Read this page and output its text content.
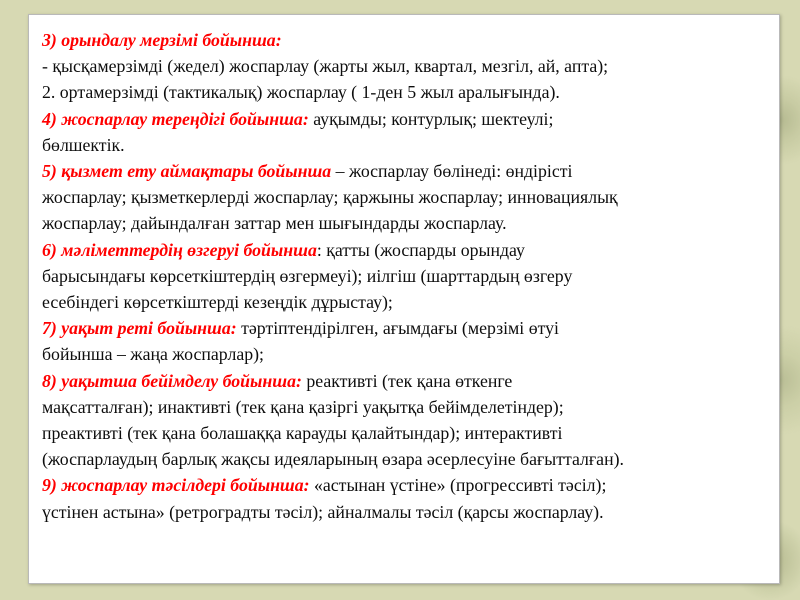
3) орындалу мерзімі бойынша:
- қысқамерзімді (жедел) жоспарлау (жарты жыл, квартал, мезгіл, ай, апта);
2. ортамерзімді (тактикалық) жоспарлау ( 1-ден 5 жыл аралығында).
4) жоспарлау тереңдігі бойынша: ауқымды; контурлық; шектеулі;
бөлшектік.
5) қызмет ету аймақтары бойынша – жоспарлау бөлінеді: өндірісті
жоспарлау; қызметкерлерді жоспарлау; қаржыны жоспарлау; инновациялық
жоспарлау; дайындалған заттар мен шығындарды жоспарлау.
6) мәліметтердің өзгеруі бойынша: қатты (жоспарды орындау
барысындағы көрсеткіштердің өзгермеуі); иілгіш (шарттардың өзгеру
есебіндегі көрсеткіштерді кезеңдік дұрыстау);
7) уақыт реті бойынша: тәртіптендірілген, ағымдағы (мерзімі өтуі
бойынша – жаңа жоспарлар);
8) уақытша бейімделу бойынша: реактивті (тек қана өткенге
мақсатталған); инактивті (тек қана қазіргі уақытқа бейімделетіндер);
преактивті (тек қана болашаққа карауды қалайтындар); интерактивті
(жоспарлаудың барлық жақсы идеяларының өзара әсерлесуіне бағытталған).
9) жоспарлау тәсілдері бойынша: «астынан үстіне» (прогрессивті тәсіл);
үстінен астына» (ретроградты тәсіл); айналмалы тәсіл (қарсы жоспарлау).
